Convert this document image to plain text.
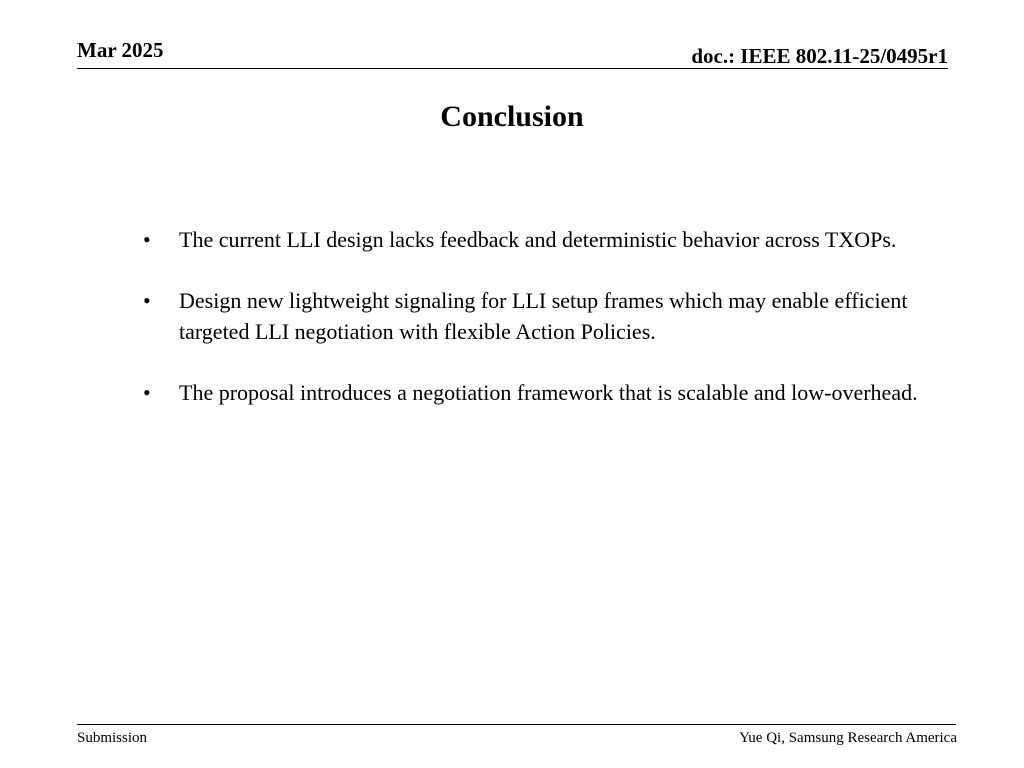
Mar 2025	doc.: IEEE 802.11-25/0495r1
Conclusion
•	The current LLI design lacks feedback and deterministic behavior across TXOPs.
•	Design new lightweight signaling for LLI setup frames which may enable efficient targeted LLI negotiation with flexible Action Policies.
•	The proposal introduces a negotiation framework that is scalable and low-overhead.
Submission	Yue Qi, Samsung Research America
